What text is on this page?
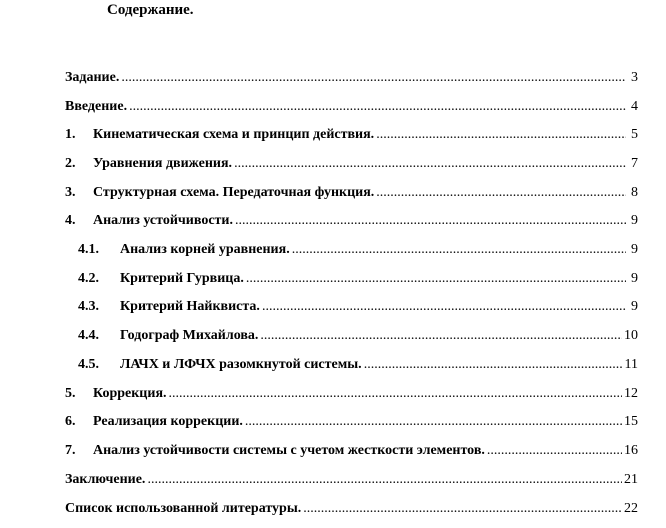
Содержание.
Задание. .....	3
Введение. .....	4
1.	Кинематическая схема и принцип действия. .....	5
2.	Уравнения движения. .....	7
3.	Структурная схема. Передаточная функция. .....	8
4.	Анализ устойчивости. .....	9
4.1.	Анализ корней уравнения. .....	9
4.2.	Критерий Гурвица. .....	9
4.3.	Критерий Найквиста. .....	9
4.4.	Годограф Михайлова. .....	10
4.5.	ЛАЧХ и ЛФЧХ разомкнутой системы. .....	11
5.	Коррекция. .....	12
6.	Реализация коррекции. .....	15
7.	Анализ устойчивости системы с учетом жесткости элементов. .....	16
Заключение. .....	21
Список использованной литературы. .....	22
